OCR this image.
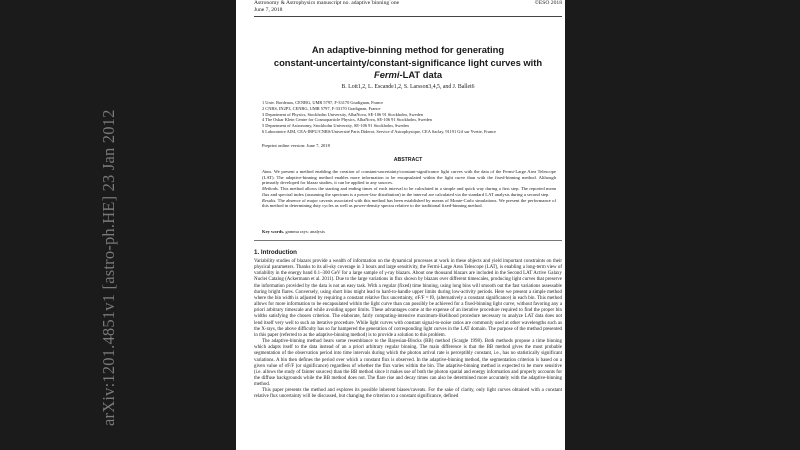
arXiv:1201.4851v1 [astro-ph.HE] 23 Jan 2012
Astronomy & Astrophysics manuscript no. adaptive˙binning˙one
June 7, 2018
©ESO 2018
An adaptive-binning method for generating
constant-uncertainty/constant-significance light curves with
Fermi-LAT data
B. Lott1,2, L. Escande1,2, S. Larsson3,4,5, and J. Ballet6
1 Univ. Bordeaux, CENBG, UMR 5797, F-33170 Gradignan, France
2 CNRS, IN2P3, CENBG, UMR 5797, F-33170 Gradignan, France
3 Department of Physics, Stockholm University, AlbaNova, SE-106 91 Stockholm, Sweden
4 The Oskar Klein Centre for Cosmoparticle Physics, AlbaNova, SE-106 91 Stockholm, Sweden
5 Department of Astronomy, Stockholm University, SE-106 91 Stockholm, Sweden
6 Laboratoire AIM, CEA-IRFU/CNRS/Université Paris Diderot, Service d’Astrophysique, CEA Saclay, 91191 Gif sur Yvette, France
Preprint online version: June 7, 2018
ABSTRACT

Aims. We present a method enabling the creation of constant-uncertainty/constant-significance light curves with the data of the Fermi-Large Area Telescope (LAT). The adaptive-binning method enables more information to be encapsulated within the light curve than with the fixed-binning method. Although primarily developed for blazar studies, it can be applied to any sources.

Methods. This method allows the starting and ending times of each interval to be calculated in a simple and quick way during a first step. The reported mean flux and spectral index (assuming the spectrum is a power-law distribution) in the interval are calculated via the standard LAT analysis during a second step.

Results. The absence of major caveats associated with this method has been established by means of Monte-Carlo simulations. We present the performance of this method in determining duty cycles as well as power-density spectra relative to the traditional fixed-binning method.

Key words. gamma rays: analysis
1. Introduction

Variability studies of blazars provide a wealth of information on the dynamical processes at work in these objects and yield important constraints on their physical parameters. Thanks to its all-sky coverage in 3 hours and large sensitivity, the Fermi-Large Area Telescope (LAT), is enabling a long-term view of variability in the energy band 0.1–300 GeV for a large sample of γ-ray blazars. About one thousand blazars are included in the Second LAT Active Galaxy Nuclei Catalog (Ackermann et al. 2011). Due to the large variations in flux shown by blazars over different timescales, producing light curves that preserve the information provided by the data is not an easy task. With a regular (fixed) time binning, using long bins will smooth out the fast variations assessable during bright flares. Conversely, using short bins might lead to hard-to-handle upper limits during low-activity periods. Here we present a simple method where the bin width is adjusted by requiring a constant relative flux uncertainty, σF/F = f0, (alternatively a constant significance) in each bin. This method allows for more information to be encapsulated within the light curve than can possibly be achieved for a fixed-binning light curve, without favoring any a priori arbitrary timescale and while avoiding upper limits. These advantages come at the expense of an iterative procedure required to find the proper bin widths satisfying the chosen criterion. The elaborate, fairly computing-intensive maximum-likelihood procedure necessary to analyze LAT data does not lend itself very well to such an iterative procedure. While light curves with constant signal-to-noise ratios are commonly used at other wavelengths such as the X-rays, the above difficulty has so far hampered the generation of corresponding light curves in the LAT domain. The purpose of the method presented in this paper (referred to as the adaptive-binning method) is to provide a solution to this problem.

The adaptive-binning method bears some resemblance to the Bayesian-Blocks (BB) method (Scargle 1998). Both methods propose a time binning which adapts itself to the data instead of an a priori arbitrary regular binning. The main difference is that the BB method gives the most probable segmentation of the observation period into time intervals during which the photon arrival rate is perceptibly constant, i.e., has no statistically significant variations. A bin then defines the period over which a constant flux is observed. In the adaptive-binning method, the segmentation criterion is based on a given value of σF/F (or significance) regardless of whether the flux varies within the bin. The adaptive-binning method is expected to be more sensitive (i.e. allows the study of fainter sources) than the BB method since it makes use of both the photon spatial and energy information and properly accounts for the diffuse backgrounds while the BB method does not. The flare rise and decay times can also be determined more accurately with the adaptive-binning method.

This paper presents the method and explores its possible inherent biases/caveats. For the sake of clarity, only light curves obtained with a constant relative flux uncertainty will be discussed, but changing the criterion to a constant significance, defined
